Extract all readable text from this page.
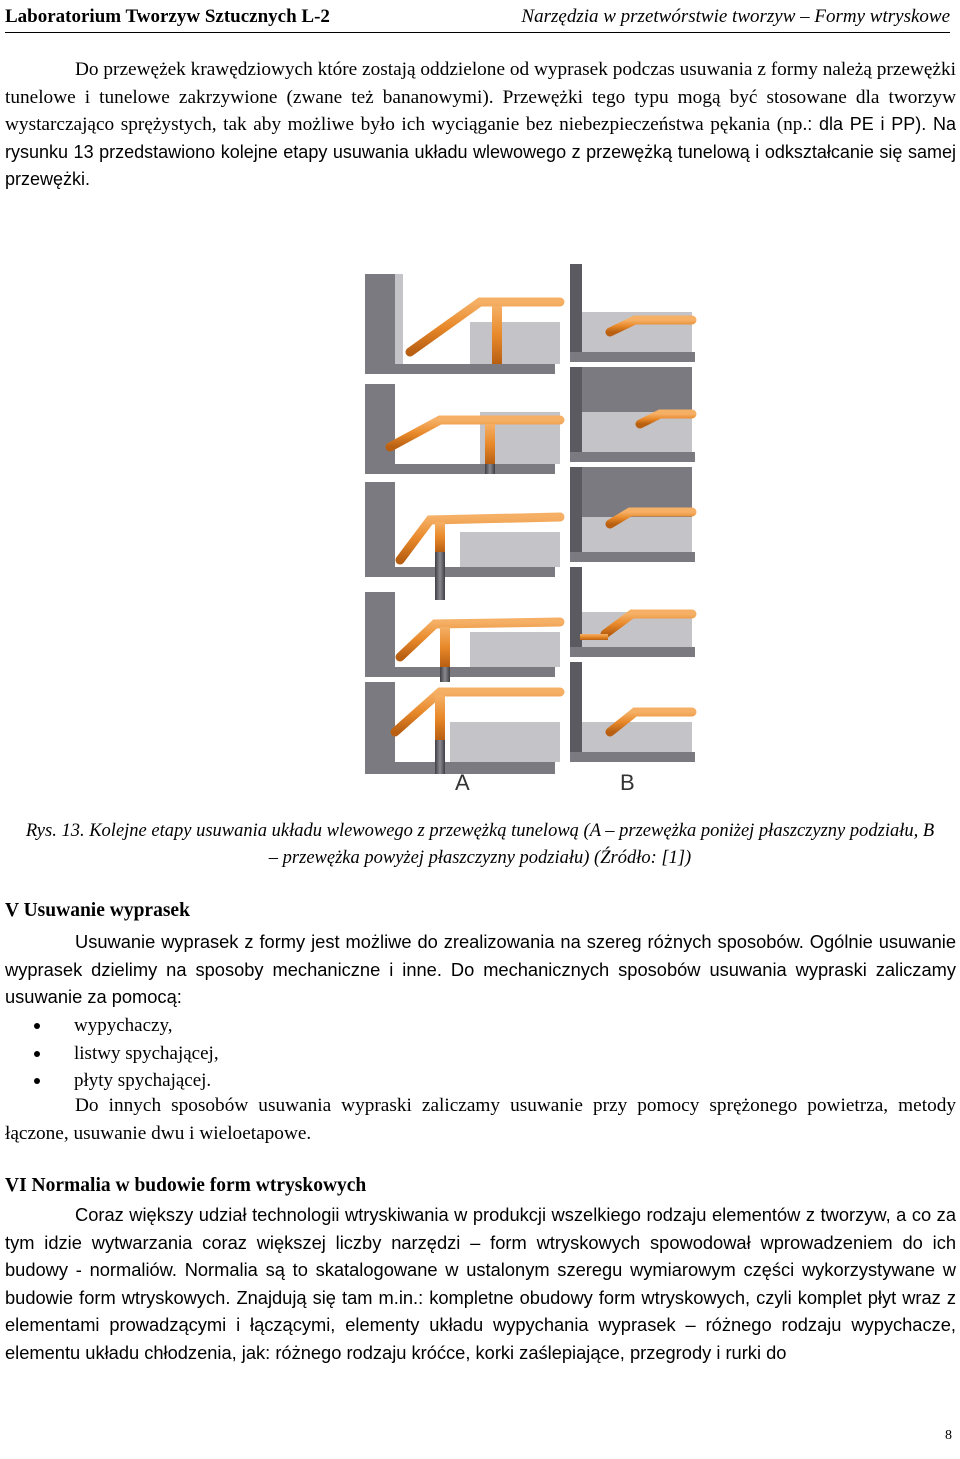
Laboratorium Tworzyw Sztucznych L-2	Narzędzia w przetwórstwie tworzyw – Formy wtryskowe

Do przewężek krawędziowych które zostają oddzielone od wyprasek podczas usuwania z formy należą przewężki tunelowe i tunelowe zakrzywione (zwane też bananowymi). Przewężki tego typu mogą być stosowane dla tworzyw wystarczająco sprężystych, tak aby możliwe było ich wyciąganie bez niebezpieczeństwa pękania (np.: dla PE i PP). Na rysunku 13 przedstawiono kolejne etapy usuwania układu wlewowego z przewężką tunelową i odkształcanie się samej przewężki.

A	B
Rys. 13. Kolejne etapy usuwania układu wlewowego z przewężką tunelową (A – przewężka poniżej płaszczyzny podziału, B – przewężka powyżej płaszczyzny podziału) (Źródło: [1])
V Usuwanie wyprasek

Usuwanie wyprasek z formy jest możliwe do zrealizowania na szereg różnych sposobów. Ogólnie usuwanie wyprasek dzielimy na sposoby mechaniczne i inne. Do mechanicznych sposobów usuwania wypraski zaliczamy usuwanie za pomocą:

wypychaczy,
listwy spychającej,
płyty spychającej.

Do innych sposobów usuwania wypraski zaliczamy usuwanie przy pomocy sprężonego powietrza, metody łączone, usuwanie dwu i wieloetapowe.

VI Normalia w budowie form wtryskowych

Coraz większy udział technologii wtryskiwania w produkcji wszelkiego rodzaju elementów z tworzyw, a co za tym idzie wytwarzania coraz większej liczby narzędzi – form wtryskowych spowodował wprowadzeniem do ich budowy - normaliów. Normalia są to skatalogowane w ustalonym szeregu wymiarowym części wykorzystywane w budowie form wtryskowych. Znajdują się tam m.in.: kompletne obudowy form wtryskowych, czyli komplet płyt wraz z elementami prowadzącymi i łączącymi, elementy układu wypychania wyprasek – różnego rodzaju wypychacze, elementu układu chłodzenia, jak: różnego rodzaju króćce, korki zaślepiające, przegrody i rurki do

8
